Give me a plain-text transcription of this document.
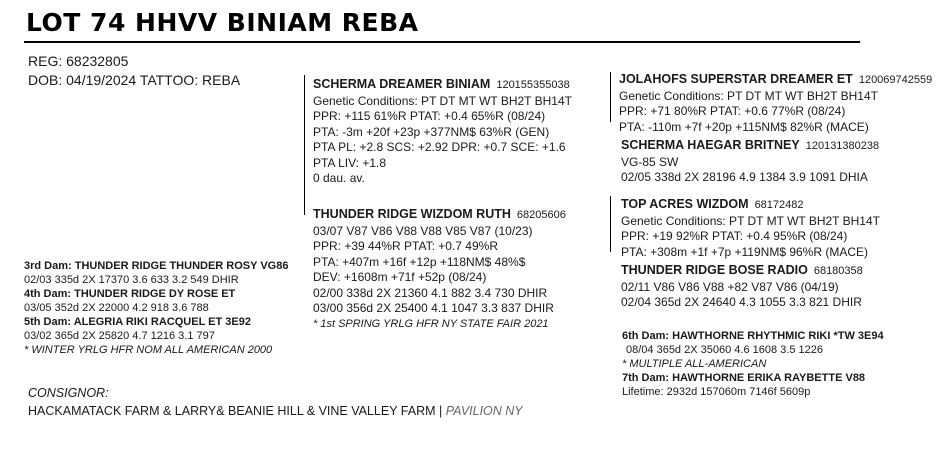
LOT 74 HHVV BINIAM REBA
REG: 68232805
DOB: 04/19/2024 TATTOO: REBA	SCHERMA DREAMER BINIAM 120155355038
Genetic Conditions: PT DT MT WT BH2T BH14T
PPR: +115 61%R PTAT: +0.4 65%R (08/24)
PTA: -3m +20f +23p +377NM$ 63%R (GEN)
PTA PL: +2.8 SCS: +2.92 DPR: +0.7 SCE: +1.6
PTA LIV: +1.8
0 dau. av.
THUNDER RIDGE WIZDOM RUTH 68205606
03/07 V87 V86 V88 V88 V85 V87 (10/23)
PPR: +39 44%R PTAT: +0.7 49%R
PTA: +407m +16f +12p +118NM$ 48%$
DEV: +1608m +71f +52p (08/24)
02/00 338d 2X 21360 4.1 882 3.4 730 DHIR
03/00 356d 2X 25400 4.1 1047 3.3 837 DHIR
* 1st SPRING YRLG HFR NY STATE FAIR 2021
JOLAHOFS SUPERSTAR DREAMER ET 120069742559
Genetic Conditions: PT DT MT WT BH2T BH14T
PPR: +71 80%R PTAT: +0.6 77%R (08/24)
PTA: -110m +7f +20p +115NM$ 82%R (MACE)
SCHERMA HAEGAR BRITNEY 120131380238
VG-85 SW
02/05 338d 2X 28196 4.9 1384 3.9 1091 DHIA
TOP ACRES WIZDOM 68172482
Genetic Conditions: PT DT MT WT BH2T BH14T
PPR: +19 92%R PTAT: +0.4 95%R (08/24)
PTA: +308m +1f +7p +119NM$ 96%R (MACE)
THUNDER RIDGE BOSE RADIO 68180358
02/11 V86 V86 V88 +82 V87 V86 (04/19)
02/04 365d 2X 24640 4.3 1055 3.3 821 DHIR
3rd Dam: THUNDER RIDGE THUNDER ROSY VG86
02/03 335d 2X 17370 3.6 633 3.2 549 DHIR
4th Dam: THUNDER RIDGE DY ROSE ET
03/05 352d 2X 22000 4.2 918 3.6 788
5th Dam: ALEGRIA RIKI RACQUEL ET 3E92
03/02 365d 2X 25820 4.7 1216 3.1 797
* WINTER YRLG HFR NOM ALL AMERICAN 2000
6th Dam: HAWTHORNE RHYTHMIC RIKI *TW 3E94
08/04 365d 2X 35060 4.6 1608 3.5 1226
* MULTIPLE ALL-AMERICAN
7th Dam: HAWTHORNE ERIKA RAYBETTE V88
Lifetime: 2932d 157060m 7146f 5609p
CONSIGNOR:
HACKAMATACK FARM & LARRY& BEANIE HILL & VINE VALLEY FARM | PAVILION NY
